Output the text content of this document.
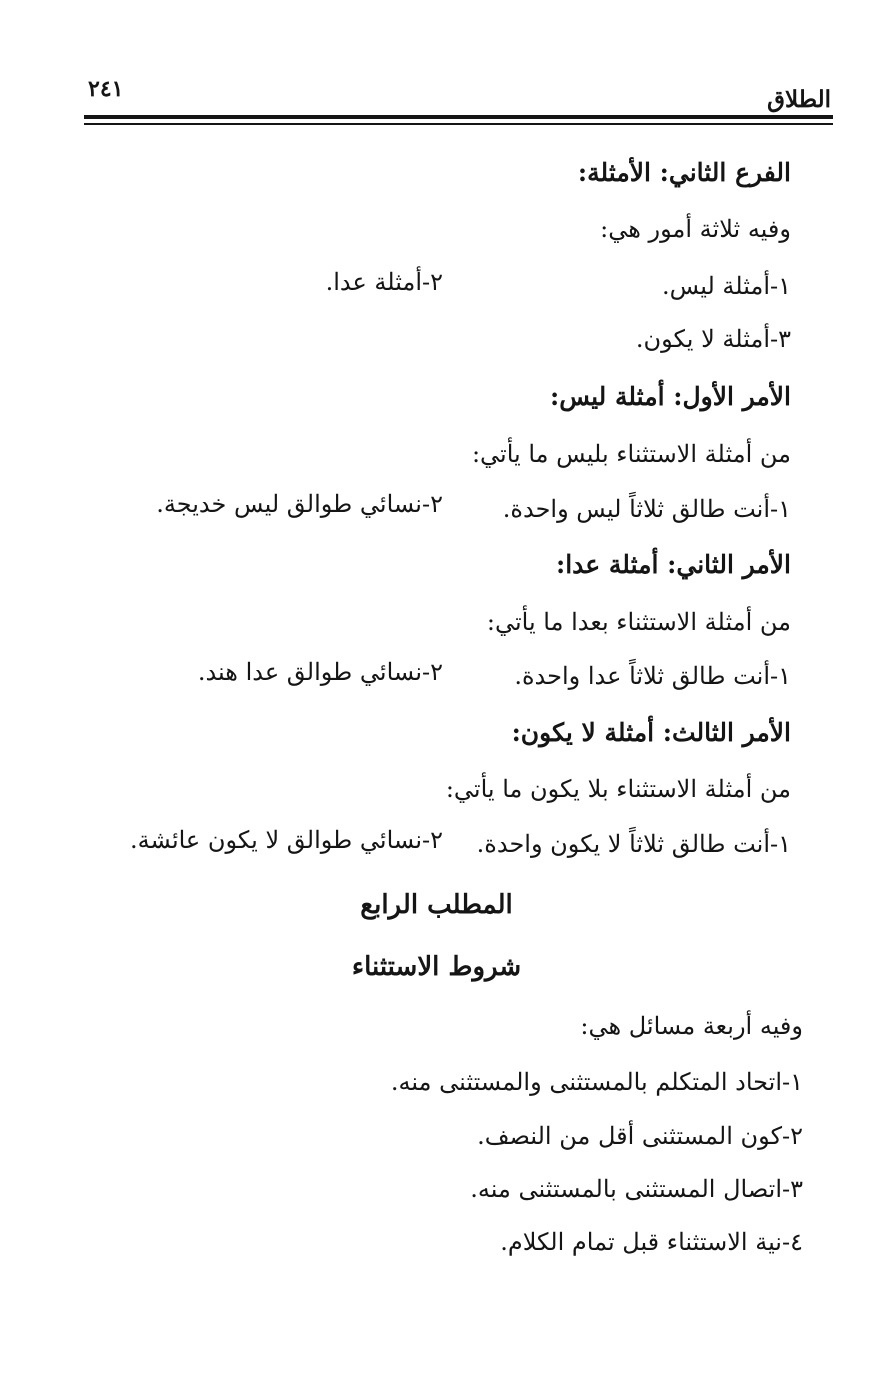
الطلاق
٢٤١
الفرع الثاني: الأمثلة:
وفيه ثلاثة أمور هي:
١-أمثلة ليس.
٢-أمثلة عدا.
٣-أمثلة لا يكون.
الأمر الأول: أمثلة ليس:
من أمثلة الاستثناء بليس ما يأتي:
١-أنت طالق ثلاثاً ليس واحدة.
٢-نسائي طوالق ليس خديجة.
الأمر الثاني: أمثلة عدا:
من أمثلة الاستثناء بعدا ما يأتي:
١-أنت طالق ثلاثاً عدا واحدة.
٢-نسائي طوالق عدا هند.
الأمر الثالث: أمثلة لا يكون:
من أمثلة الاستثناء بلا يكون ما يأتي:
١-أنت طالق ثلاثاً لا يكون واحدة.
٢-نسائي طوالق لا يكون عائشة.
المطلب الرابع
شروط الاستثناء
وفيه أربعة مسائل هي:
١-اتحاد المتكلم بالمستثنى والمستثنى منه.
٢-كون المستثنى أقل من النصف.
٣-اتصال المستثنى بالمستثنى منه.
٤-نية الاستثناء قبل تمام الكلام.
